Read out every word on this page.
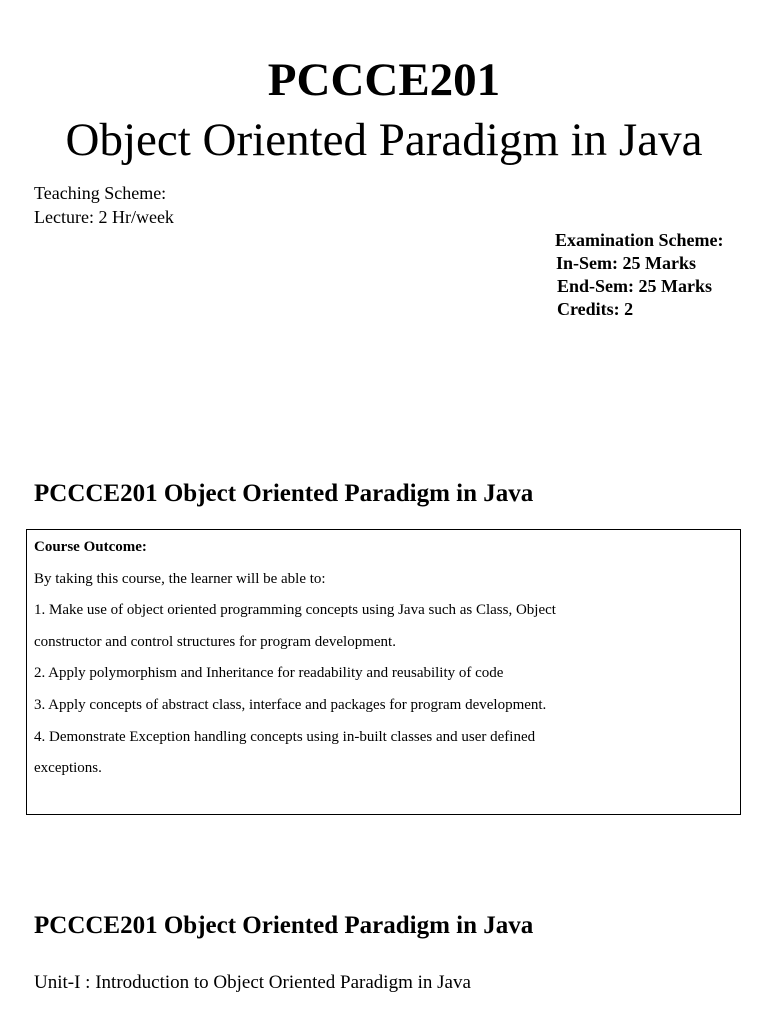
PCCCE201
Object Oriented Paradigm in Java
Teaching Scheme:
Lecture: 2 Hr/week
Examination Scheme:
In-Sem: 25 Marks
End-Sem: 25 Marks
Credits: 2
PCCCE201 Object Oriented Paradigm in Java
Course Outcome:
By taking this course, the learner will be able to:
1. Make use of object oriented programming concepts using Java such as Class, Object
constructor and control structures for program development.
2. Apply polymorphism and Inheritance for readability and reusability of code
3. Apply concepts of abstract class, interface and packages for program development.
4. Demonstrate Exception handling concepts using in-built classes and user defined
exceptions.
PCCCE201 Object Oriented Paradigm in Java
Unit-I : Introduction to Object Oriented Paradigm in Java
